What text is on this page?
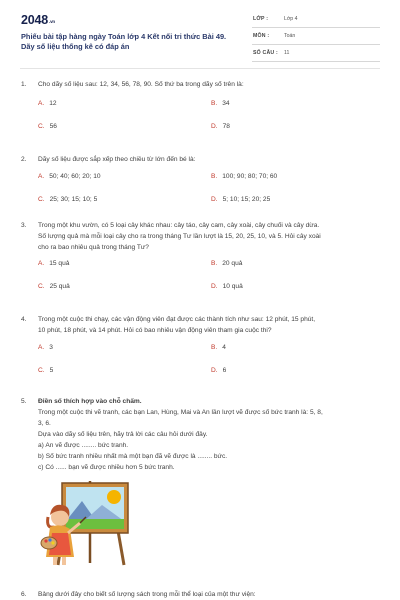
2048.vn
Phiếu bài tập hàng ngày Toán lớp 4 Kết nối tri thức Bài 49.
Dãy số liệu thống kê có đáp án
LỚP :	Lớp 4
MÔN :	Toán
SỐ CÂU : 11
1. Cho dãy số liệu sau: 12, 34, 56, 78, 90. Số thứ ba trong dãy số trên là:
A. 12	B. 34
C. 56	D. 78
2. Dãy số liệu được sắp xếp theo chiều từ lớn đến bé là:
A. 50; 40; 60; 20; 10	B. 100; 90; 80; 70; 60
C. 25; 30; 15; 10; 5	D. 5; 10; 15; 20; 25
3. Trong một khu vườn, có 5 loại cây khác nhau: cây táo, cây cam, cây xoài, cây chuối và cây dừa.
Số lượng quả mà mỗi loại cây cho ra trong tháng Tư lần lượt là 15, 20, 25, 10, và 5. Hỏi cây xoài
cho ra bao nhiêu quả trong tháng Tư?
A. 15 quả	B. 20 quả
C. 25 quả	D. 10 quả
4. Trong một cuộc thi chạy, các vận động viên đạt được các thành tích như sau: 12 phút, 15 phút,
10 phút, 18 phút, và 14 phút. Hỏi có bao nhiêu vận động viên tham gia cuộc thi?
A. 3	B. 4
C. 5	D. 6
5. Điền số thích hợp vào chỗ chấm.
Trong một cuộc thi vẽ tranh, các bạn Lan, Hùng, Mai và An lần lượt vẽ được số bức tranh là: 5, 8,
3, 6.
Dựa vào dãy số liệu trên, hãy trả lời các câu hỏi dưới đây.
a) An vẽ được ........ bức tranh.
b) Số bức tranh nhiều nhất mà một bạn đã vẽ được là ........ bức.
c) Có ...... bạn vẽ được nhiều hơn 5 bức tranh.
6. Bảng dưới đây cho biết số lượng sách trong mỗi thể loại của một thư viện:
